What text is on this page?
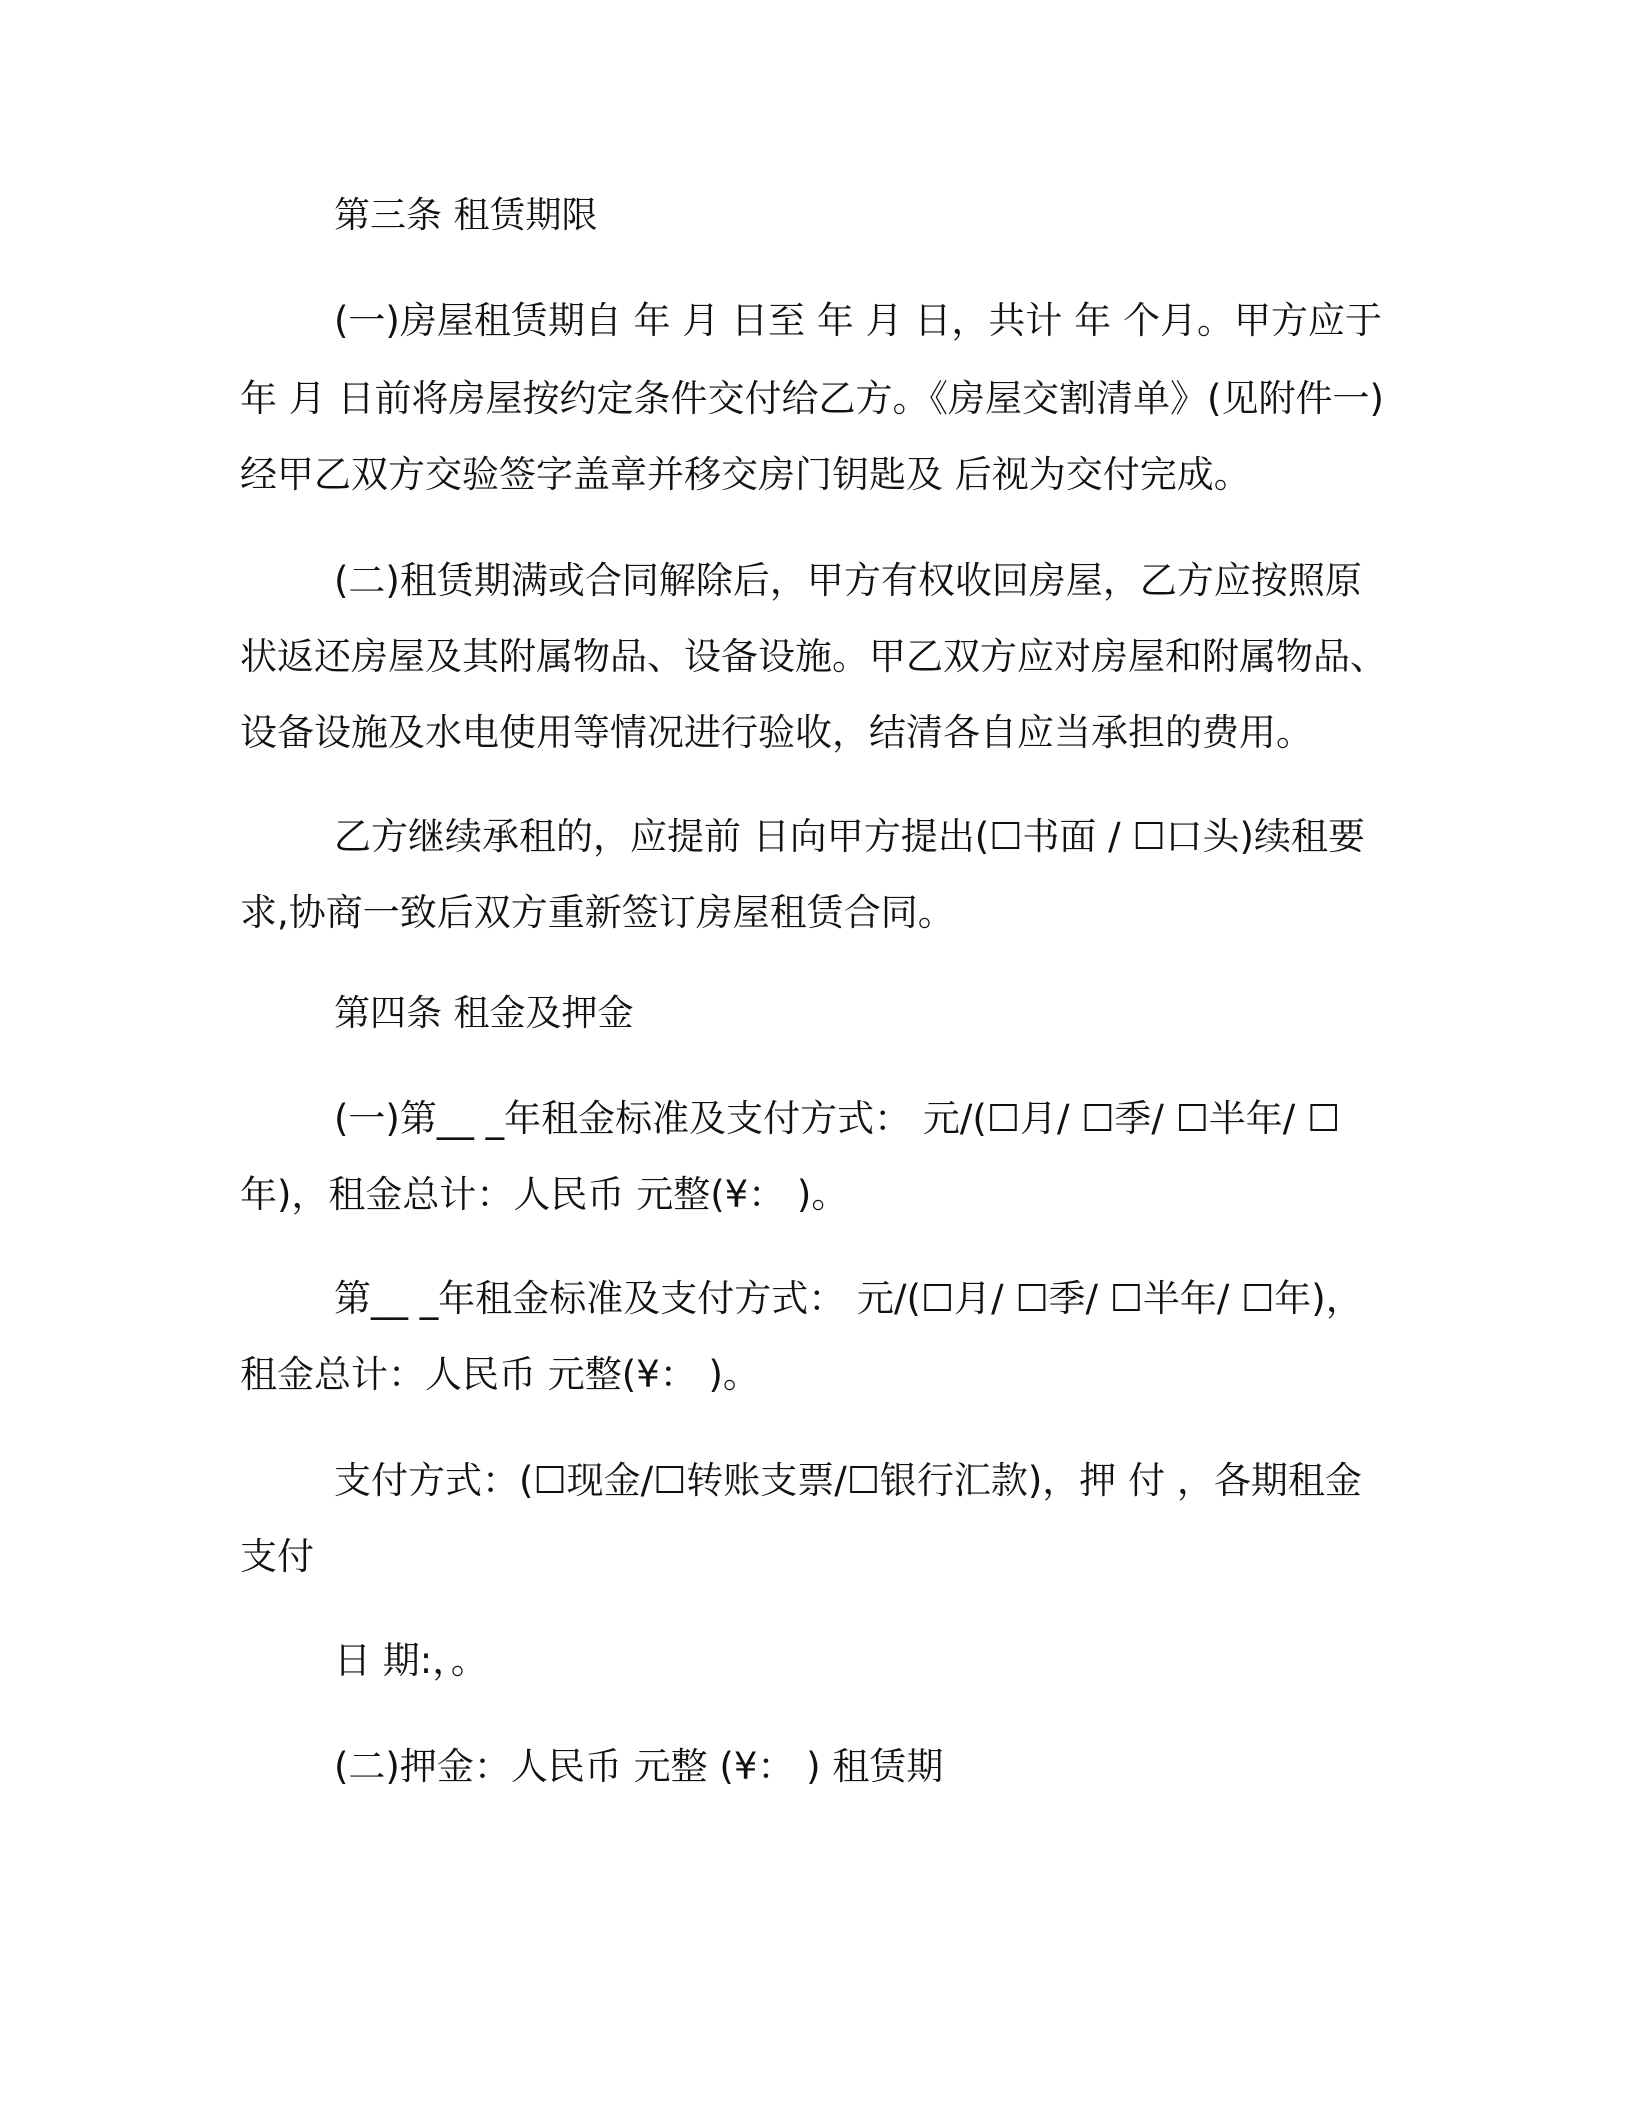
第三条 租赁期限
(一)房屋租赁期自 年 月 日至 年 月 日，共计 年 个月。甲方应于
年 月 日前将房屋按约定条件交付给乙方。《房屋交割清单》(见附件一)
经甲乙双方交验签字盖章并移交房门钥匙及 后视为交付完成。
(二)租赁期满或合同解除后，甲方有权收回房屋，乙方应按照原
状返还房屋及其附属物品、设备设施。甲乙双方应对房屋和附属物品、
设备设施及水电使用等情况进行验收，结清各自应当承担的费用。
乙方继续承租的，应提前 日向甲方提出(☐书面 / ☐口头)续租要
求,协商一致后双方重新签订房屋租赁合同。
第四条 租金及押金
(一)第__ _年租金标准及支付方式： 元/(☐月/ ☐季/ ☐半年/ ☐
年)，租金总计：人民币 元整(¥： )。
第__ _年租金标准及支付方式： 元/(☐月/ ☐季/ ☐半年/ ☐年)，
租金总计：人民币 元整(¥： )。
支付方式：(☐现金/☐转账支票/☐银行汇款)，押 付 ，各期租金
支付
日 期:，。
(二)押金：人民币 元整 (¥： ) 租赁期
